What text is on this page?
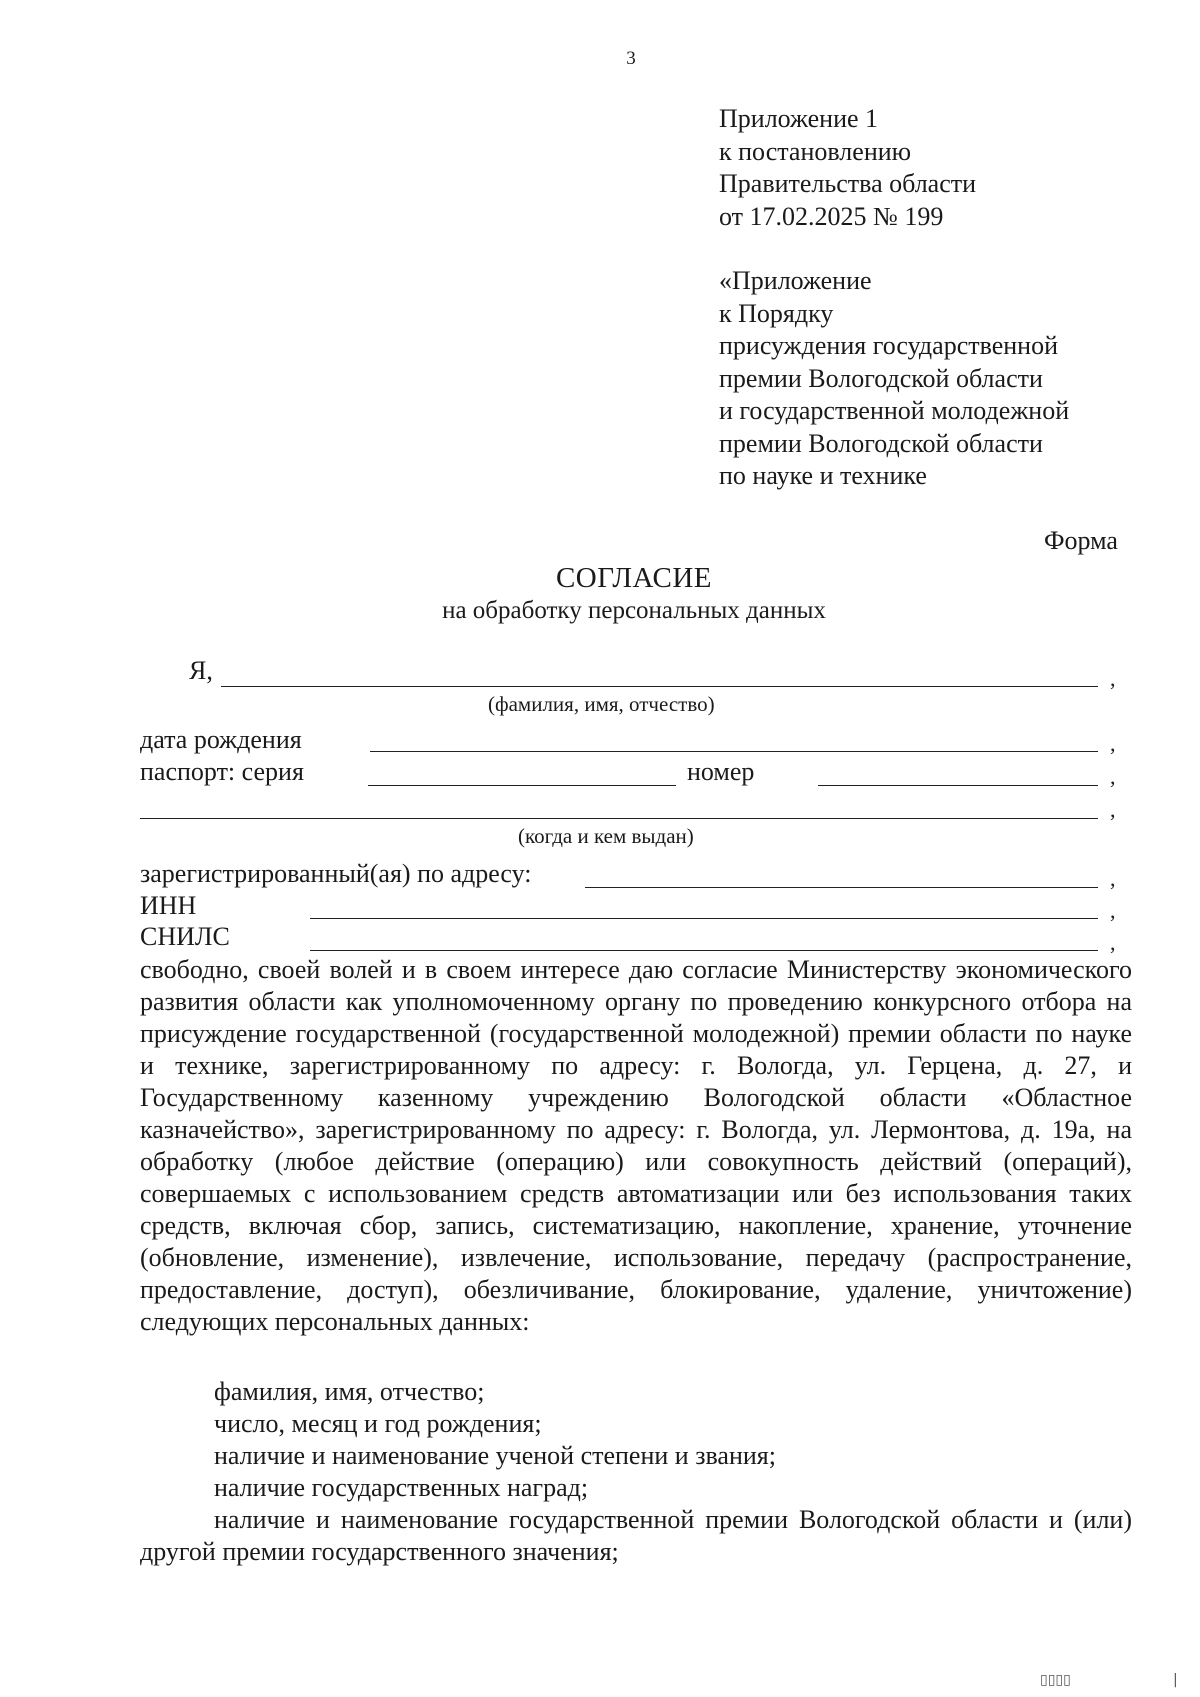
3
Приложение 1
к постановлению
Правительства области
от 17.02.2025 № 199
«Приложение
к Порядку
присуждения государственной
премии Вологодской области
и государственной молодежной
премии Вологодской области
по науке и технике
Форма
СОГЛАСИЕ
на обработку персональных данных
Я,	,
(фамилия, имя, отчество)
дата рождения	,
паспорт: серия	номер	,
,
(когда и кем выдан)
зарегистрированный(ая) по адресу:	,
ИНН	,
СНИЛС	,

свободно, своей волей и в своем интересе даю согласие Министерству экономического развития области как уполномоченному органу по проведению конкурсного отбора на присуждение государственной (государственной молодежной) премии области по науке и технике, зарегистрированному по адресу: г. Вологда, ул. Герцена, д. 27, и Государственному казенному учреждению Вологодской области «Областное казначейство», зарегистрированному по адресу: г. Вологда, ул. Лермонтова, д. 19а, на обработку (любое действие (операцию) или совокупность действий (операций), совершаемых с использованием средств автоматизации или без использования таких средств, включая сбор, запись, систематизацию, накопление, хранение, уточнение (обновление, изменение), извлечение, использование, передачу (распространение, предоставление, доступ), обезличивание, блокирование, удаление, уничтожение) следующих персональных данных:

фамилия, имя, отчество;

число, месяц и год рождения;

наличие и наименование ученой степени и звания;

наличие государственных наград;

наличие и наименование государственной премии Вологодской области и (или) другой премии государственного значения;

▯▯▯▯	|
